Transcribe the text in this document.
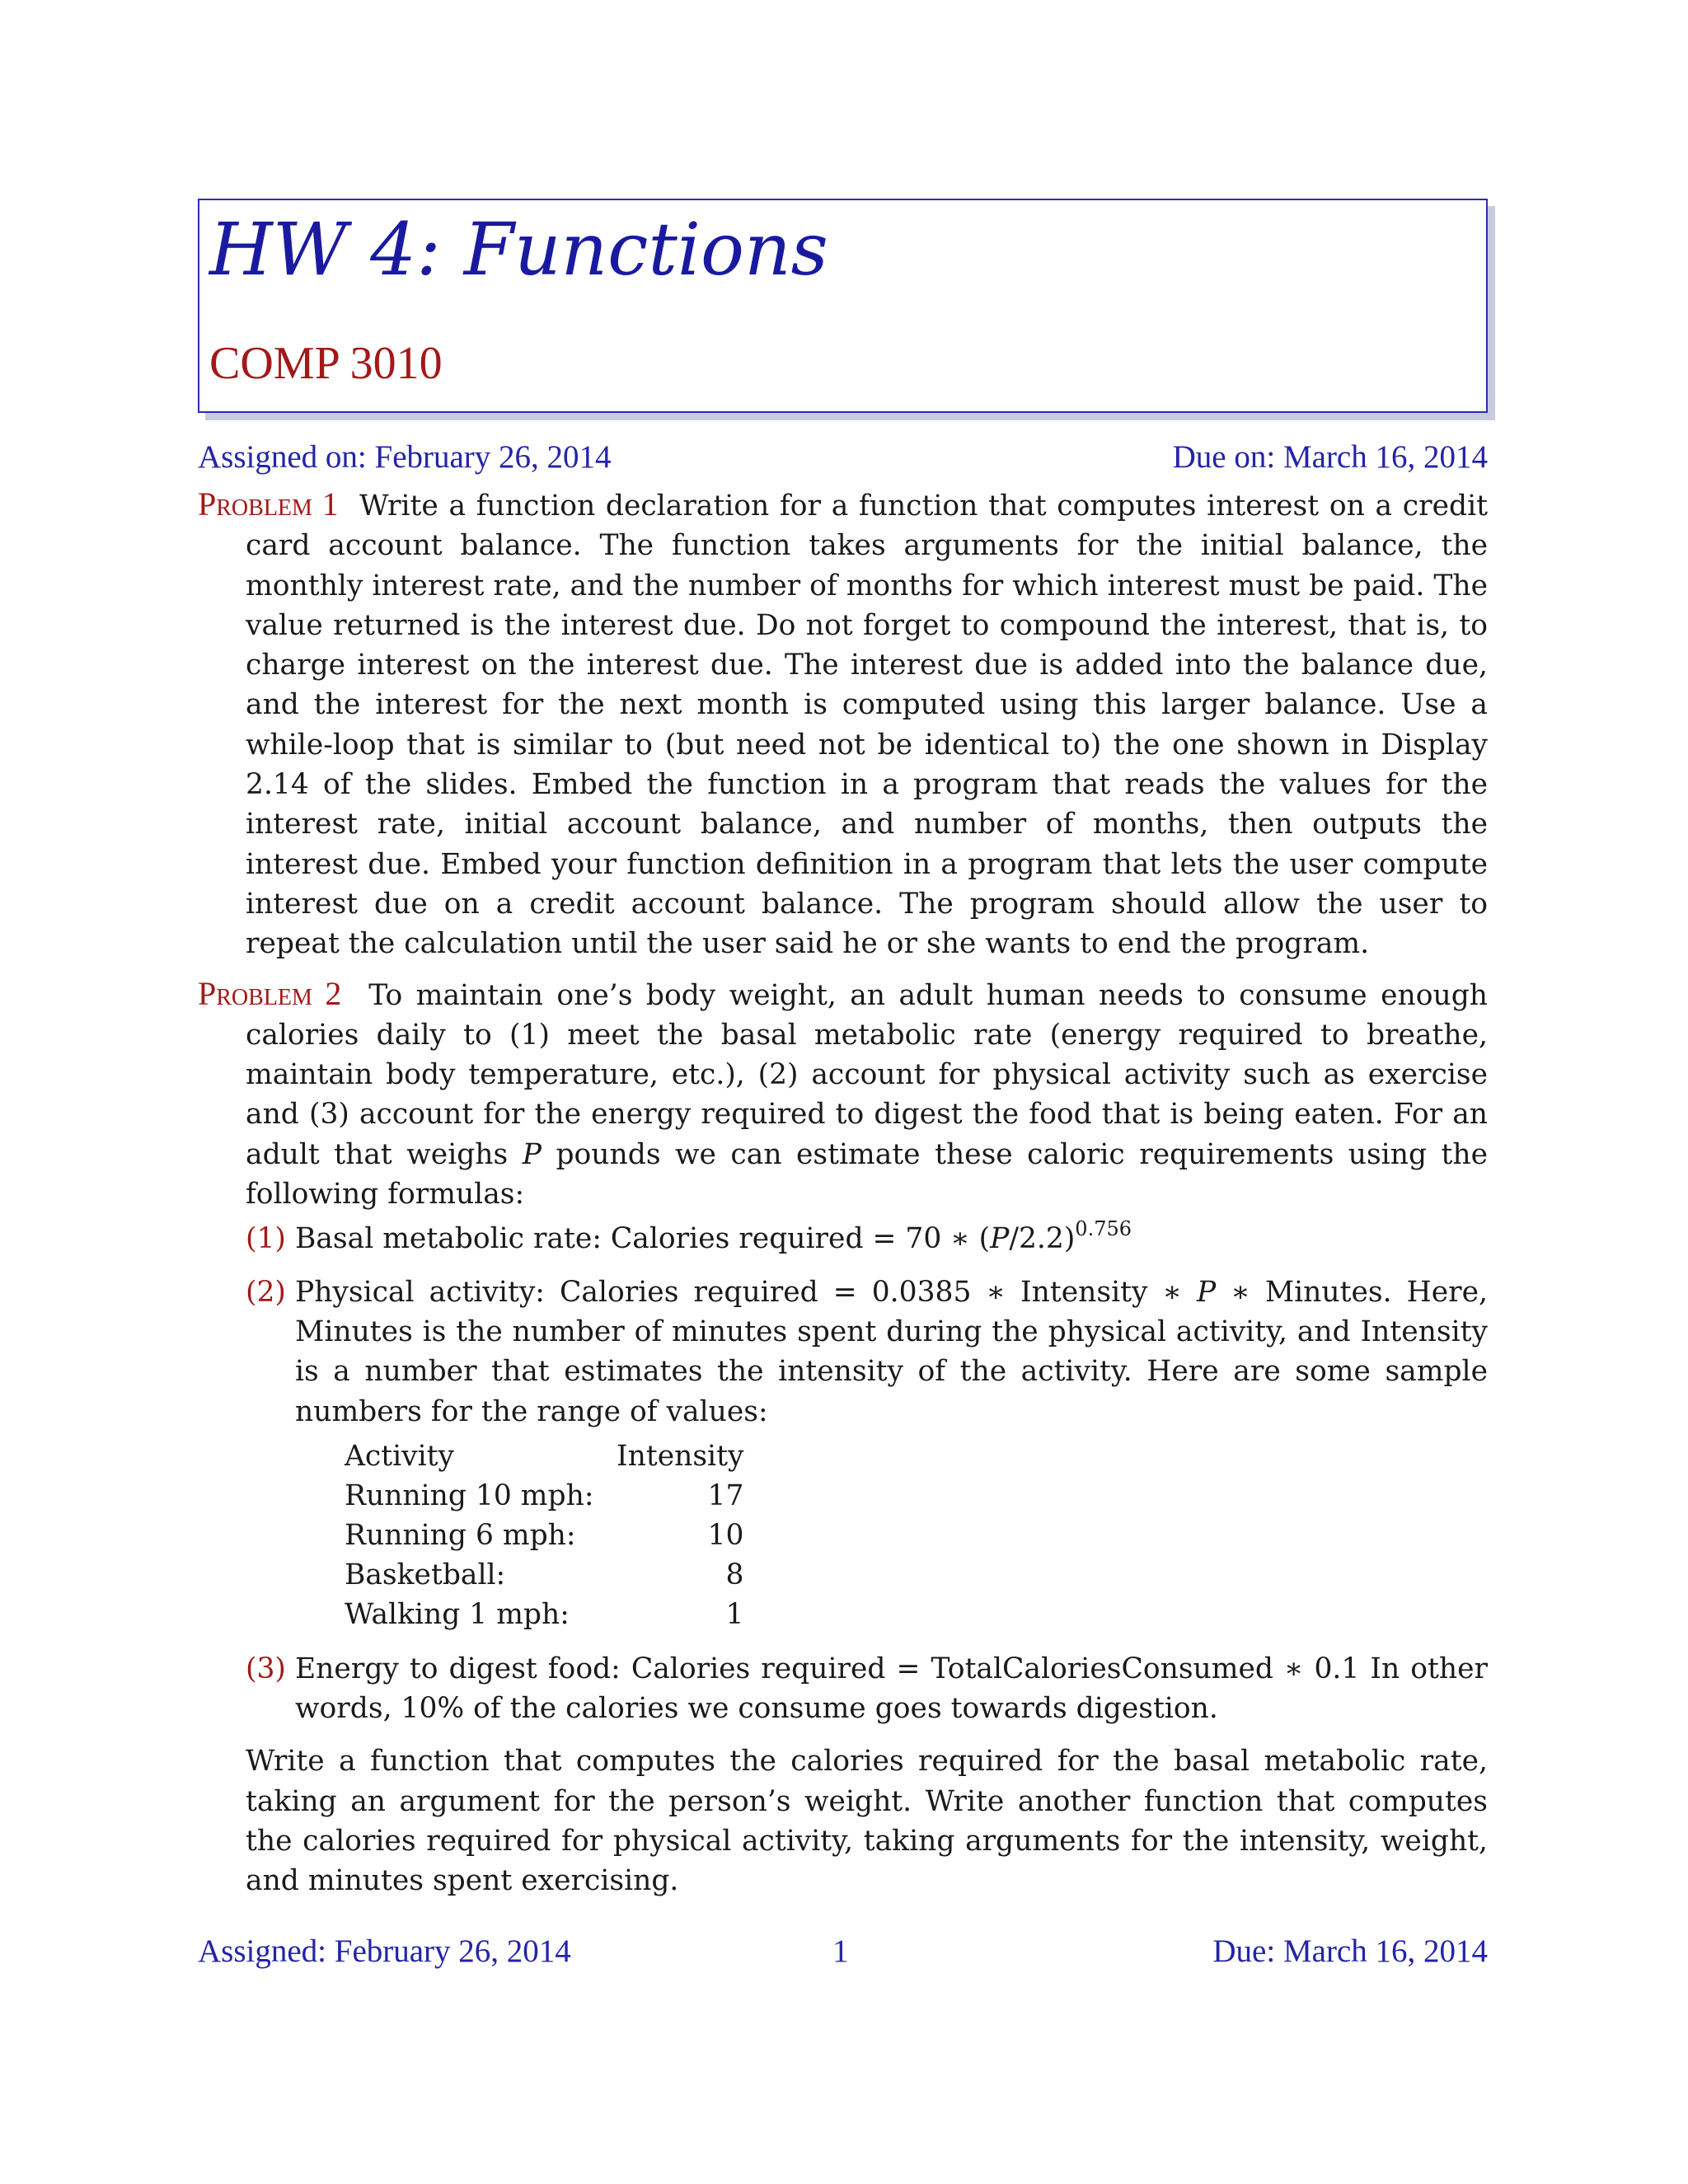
HW 4: Functions
COMP 3010
Assigned on: February 26, 2014	Due on: March 16, 2014

Problem 1 Write a function declaration for a function that computes interest on a credit card account balance. The function takes arguments for the initial balance, the monthly interest rate, and the number of months for which interest must be paid. The value returned is the interest due. Do not forget to compound the interest, that is, to charge interest on the interest due. The interest due is added into the balance due, and the interest for the next month is computed using this larger balance. Use a while-loop that is similar to (but need not be identical to) the one shown in Display 2.14 of the slides. Embed the function in a program that reads the values for the interest rate, initial account balance, and number of months, then outputs the interest due. Embed your function definition in a program that lets the user compute interest due on a credit account balance. The program should allow the user to repeat the calculation until the user said he or she wants to end the program.

Problem 2 To maintain one’s body weight, an adult human needs to consume enough calories daily to (1) meet the basal metabolic rate (energy required to breathe, maintain body temperature, etc.), (2) account for physical activity such as exercise and (3) account for the energy required to digest the food that is being eaten. For an adult that weighs P pounds we can estimate these caloric requirements using the following formulas:

(1) Basal metabolic rate: Calories required = 70 ∗ $(P/2.2)^{0.756}$
(2) Physical activity: Calories required = 0.0385 ∗ Intensity ∗ P ∗ Minutes. Here, Minutes is the number of minutes spent during the physical activity, and Intensity is a number that estimates the intensity of the activity. Here are some sample numbers for the range of values:
Activity	Intensity
Running 10 mph:	17
Running 6 mph:	10
Basketball:	8
Walking 1 mph:	1
(3) Energy to digest food: Calories required = TotalCaloriesConsumed ∗ 0.1 In other words, 10% of the calories we consume goes towards digestion.

Write a function that computes the calories required for the basal metabolic rate, taking an argument for the person’s weight. Write another function that computes the calories required for physical activity, taking arguments for the intensity, weight, and minutes spent exercising.

Assigned: February 26, 2014	1	Due: March 16, 2014
